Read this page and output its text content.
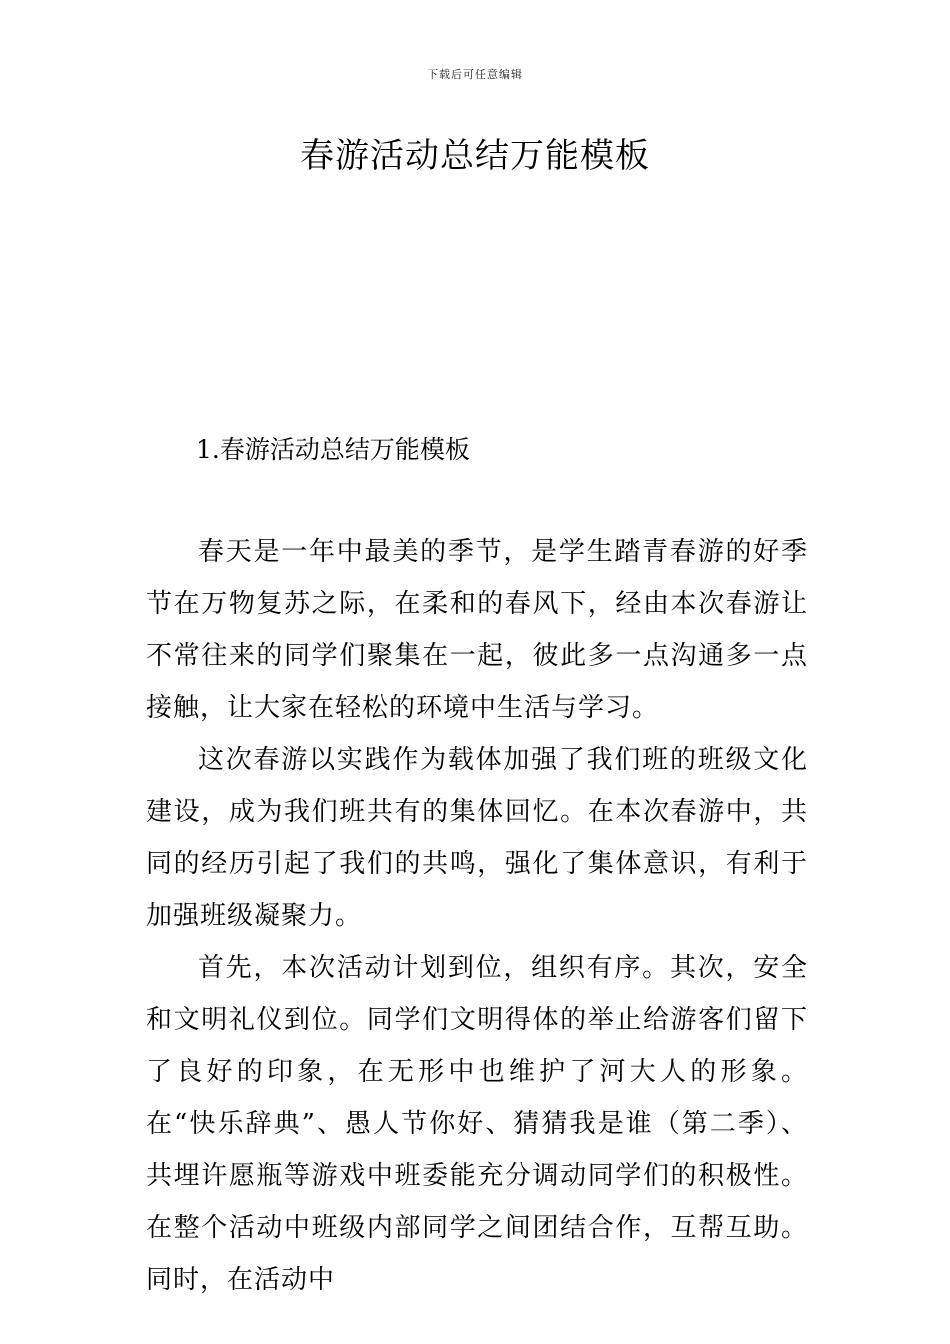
下载后可任意编辑
春游活动总结万能模板
1.春游活动总结万能模板

春天是一年中最美的季节，是学生踏青春游的好季节在万物复苏之际，在柔和的春风下，经由本次春游让不常往来的同学们聚集在一起，彼此多一点沟通多一点接触，让大家在轻松的环境中生活与学习。

这次春游以实践作为载体加强了我们班的班级文化建设，成为我们班共有的集体回忆。在本次春游中，共同的经历引起了我们的共鸣，强化了集体意识，有利于加强班级凝聚力。

首先，本次活动计划到位，组织有序。其次，安全和文明礼仪到位。同学们文明得体的举止给游客们留下了良好的印象，在无形中也维护了河大人的形象。在“快乐辞典”、愚人节你好、猜猜我是谁（第二季）、共埋许愿瓶等游戏中班委能充分调动同学们的积极性。在整个活动中班级内部同学之间团结合作，互帮互助。同时，在活动中
